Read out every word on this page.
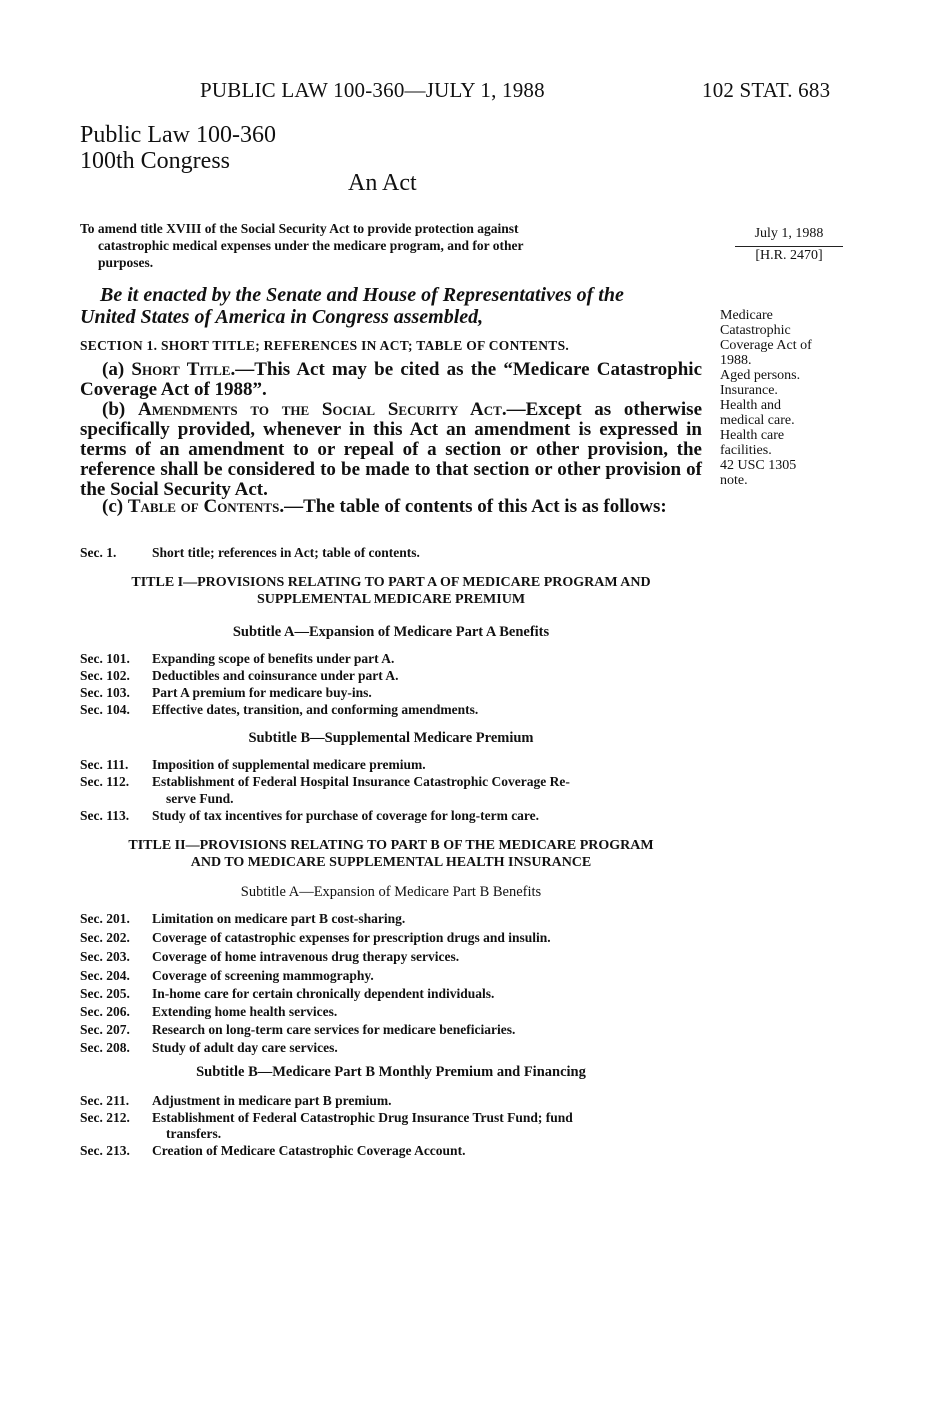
PUBLIC LAW 100-360—JULY 1, 1988	102 STAT. 683
Public Law 100-360
100th Congress
An Act
To amend title XVIII of the Social Security Act to provide protection against
catastrophic medical expenses under the medicare program, and for other
purposes.
July 1, 1988
[H.R. 2470]
Be it enacted by the Senate and House of Representatives of the
United States of America in Congress assembled,	Medicare
Catastrophic
Coverage Act of
1988.
Aged persons.
Insurance.
Health and
medical care.
Health care
facilities.
42 USC 1305
note.
SECTION 1. SHORT TITLE; REFERENCES IN ACT; TABLE OF CONTENTS.
(a) Short Title.—This Act may be cited as the “Medicare Catastrophic Coverage Act of 1988”.
(b) Amendments to the Social Security Act.—Except as otherwise specifically provided, whenever in this Act an amendment is expressed in terms of an amendment to or repeal of a section or other provision, the reference shall be considered to be made to that section or other provision of the Social Security Act.
(c) Table of Contents.—The table of contents of this Act is as follows:
Sec. 1.	Short title; references in Act; table of contents.
TITLE I—PROVISIONS RELATING TO PART A OF MEDICARE PROGRAM AND
SUPPLEMENTAL MEDICARE PREMIUM
Subtitle A—Expansion of Medicare Part A Benefits
Sec. 101. Expanding scope of benefits under part A.
Sec. 102. Deductibles and coinsurance under part A.
Sec. 103. Part A premium for medicare buy-ins.
Sec. 104. Effective dates, transition, and conforming amendments.
Subtitle B—Supplemental Medicare Premium
Sec. 111. Imposition of supplemental medicare premium.
Sec. 112. Establishment of Federal Hospital Insurance Catastrophic Coverage Re-
serve Fund.
Sec. 113. Study of tax incentives for purchase of coverage for long-term care.
TITLE II—PROVISIONS RELATING TO PART B OF THE MEDICARE PROGRAM
AND TO MEDICARE SUPPLEMENTAL HEALTH INSURANCE
Subtitle A—Expansion of Medicare Part B Benefits
Sec. 201. Limitation on medicare part B cost-sharing.
Sec. 202. Coverage of catastrophic expenses for prescription drugs and insulin.
Sec. 203. Coverage of home intravenous drug therapy services.
Sec. 204. Coverage of screening mammography.
Sec. 205. In-home care for certain chronically dependent individuals.
Sec. 206. Extending home health services.
Sec. 207. Research on long-term care services for medicare beneficiaries.
Sec. 208. Study of adult day care services.
Subtitle B—Medicare Part B Monthly Premium and Financing
Sec. 211. Adjustment in medicare part B premium.
Sec. 212. Establishment of Federal Catastrophic Drug Insurance Trust Fund; fund
transfers.
Sec. 213. Creation of Medicare Catastrophic Coverage Account.
